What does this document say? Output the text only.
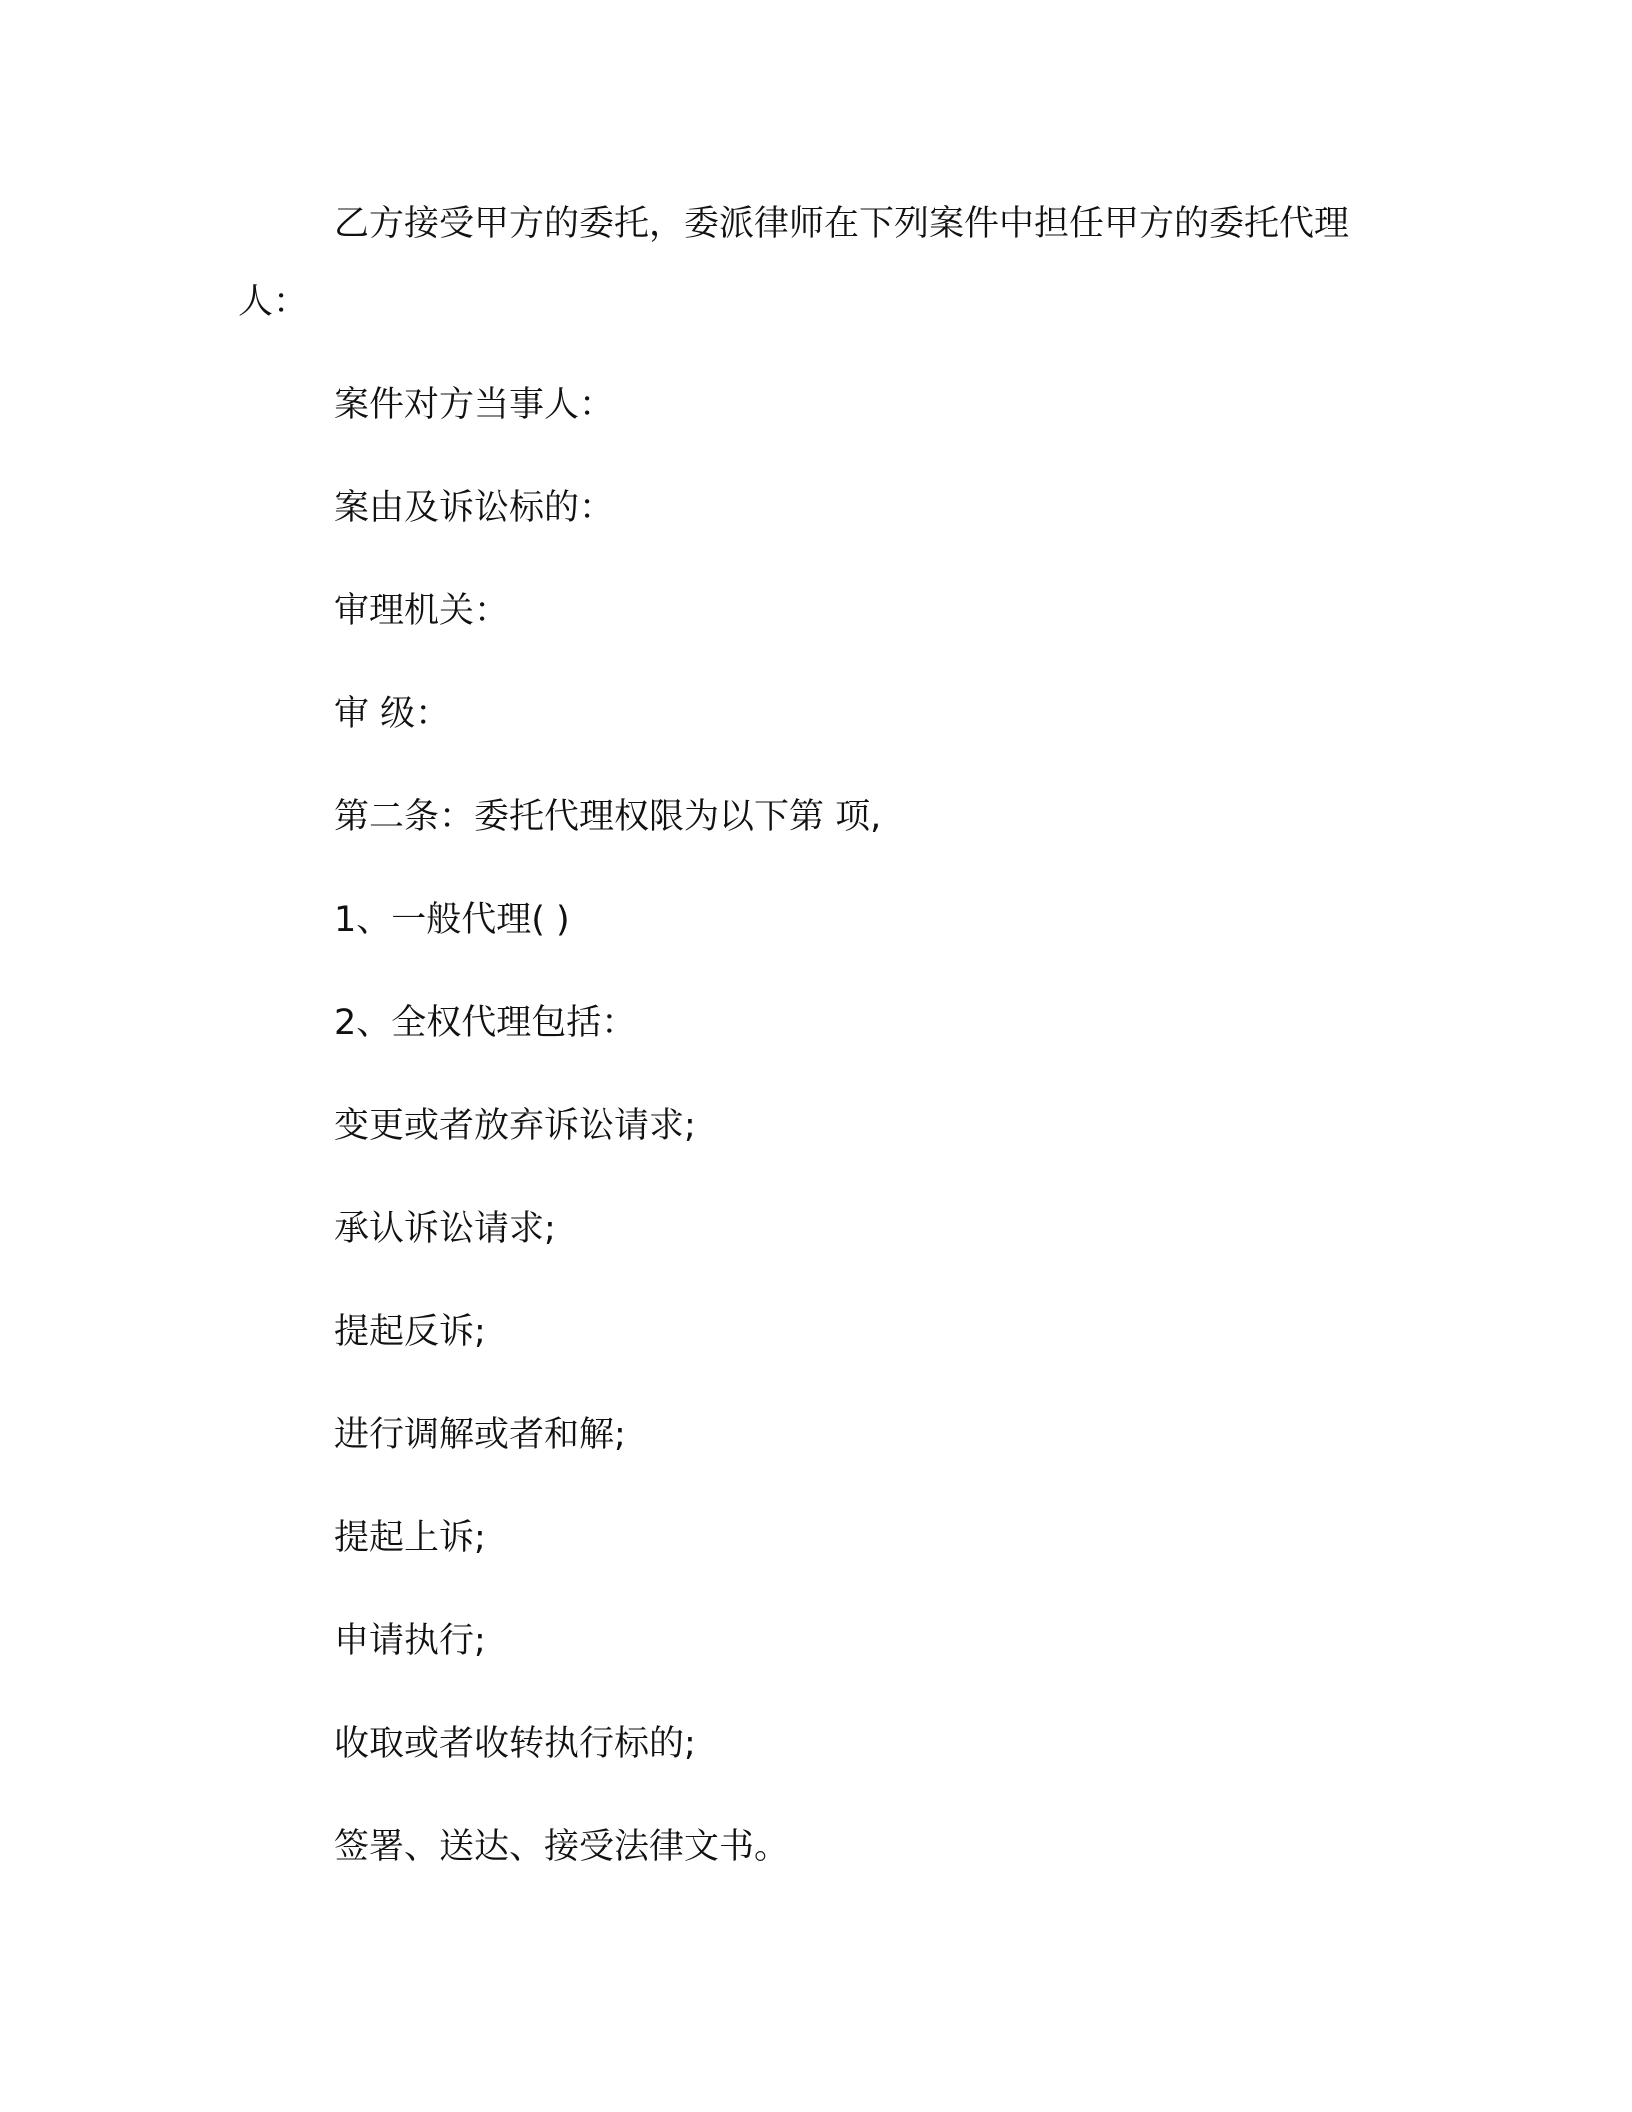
乙方接受甲方的委托，委派律师在下列案件中担任甲方的委托代理人：

案件对方当事人：

案由及诉讼标的：

审理机关：

审 级：

第二条：委托代理权限为以下第 项,

1、一般代理( )

2、全权代理包括：

变更或者放弃诉讼请求;

承认诉讼请求;

提起反诉;

进行调解或者和解;

提起上诉;

申请执行;

收取或者收转执行标的;

签署、送达、接受法律文书。
